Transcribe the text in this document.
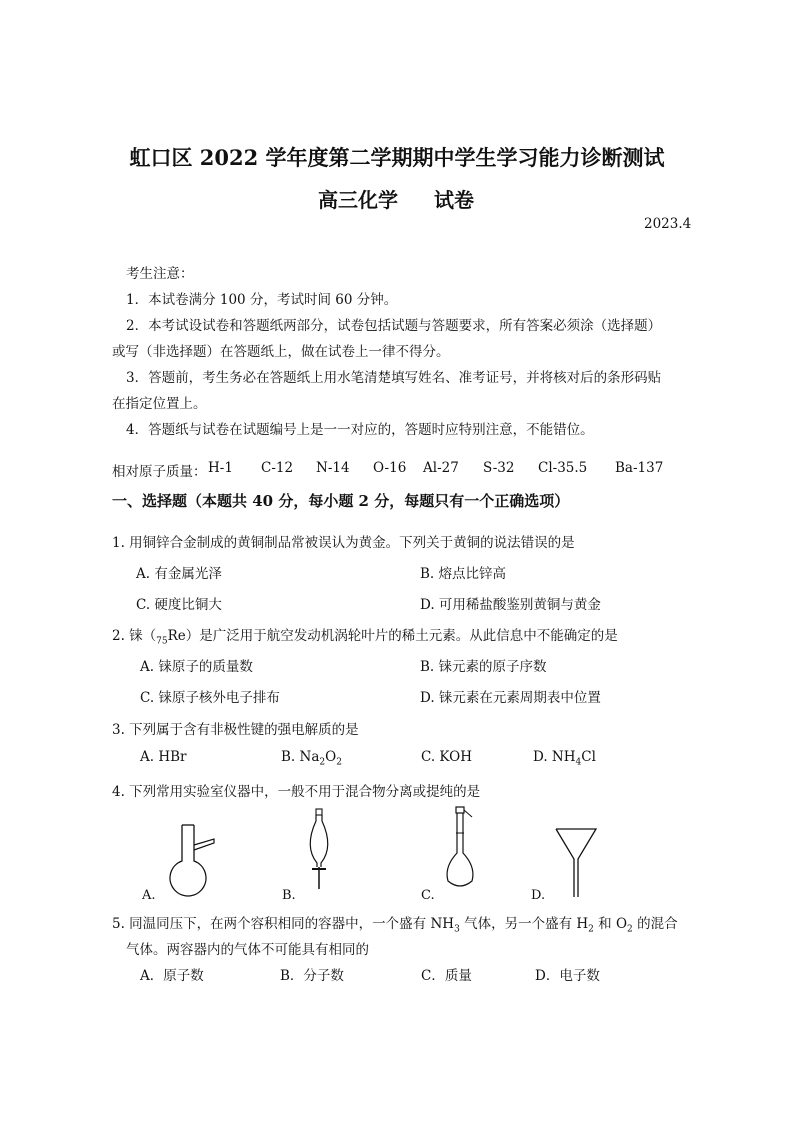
虹口区 2022 学年度第二学期期中学生学习能力诊断测试
高三化学 试卷
2023.4
考生注意：
1．本试卷满分 100 分，考试时间 60 分钟。
2．本考试设试卷和答题纸两部分，试卷包括试题与答题要求，所有答案必须涂（选择题）
或写（非选择题）在答题纸上，做在试卷上一律不得分。
3．答题前，考生务必在答题纸上用水笔清楚填写姓名、准考证号，并将核对后的条形码贴
在指定位置上。
4．答题纸与试卷在试题编号上是一一对应的，答题时应特别注意，不能错位。
相对原子质量： H-1 C-12 N-14 O-16 Al-27 S-32 Cl-35.5 Ba-137
一、选择题（本题共 40 分，每小题 2 分，每题只有一个正确选项）
1. 用铜锌合金制成的黄铜制品常被误认为黄金。下列关于黄铜的说法错误的是
A. 有金属光泽	B. 熔点比锌高
C. 硬度比铜大	D. 可用稀盐酸鉴别黄铜与黄金
2. 铼$(_{75}Re)$是广泛用于航空发动机涡轮叶片的稀土元素。从此信息中不能确定的是
A. 铼原子的质量数	B. 铼元素的原子序数
C. 铼原子核外电子排布	D. 铼元素在元素周期表中位置
3. 下列属于含有非极性键的强电解质的是
A. HBr	B. $Na_2O_2$	C. KOH	D. $NH_4Cl$
4. 下列常用实验室仪器中，一般不用于混合物分离或提纯的是
A.	B.	C.	D.
5. 同温同压下，在两个容积相同的容器中，一个盛有 $NH_3$ 气体，另一个盛有 $H_2$ 和 $O_2$ 的混合
气体。两容器内的气体不可能具有相同的
A．原子数	B．分子数	C．质量	D．电子数
